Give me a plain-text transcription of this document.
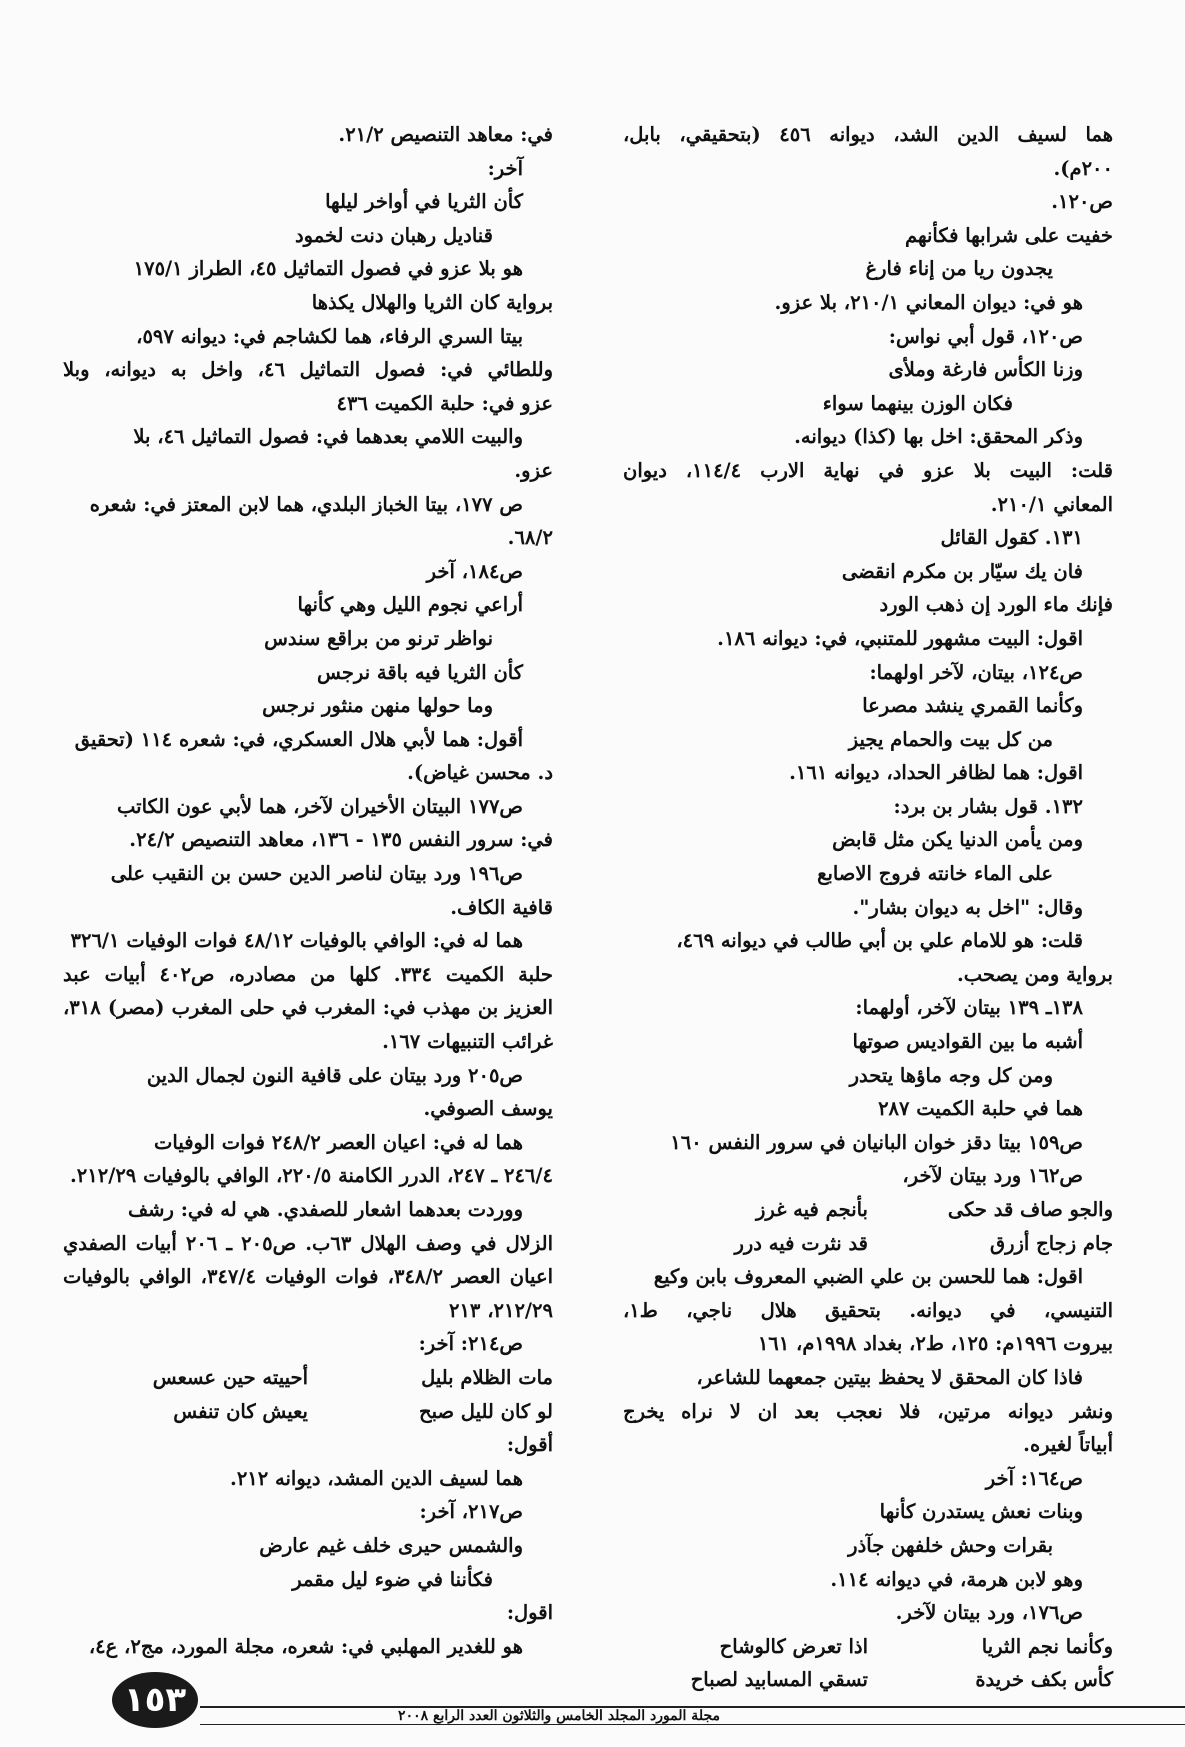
هما لسيف الدين الشد، ديوانه ٤٥٦ (بتحقيقي، بابل،
٢٠٠م).
ص١٢٠.
خفيت على شرابها فكأنهم
يجدون ريا من إناء فارغ
هو في: ديوان المعاني ٢١٠/١، بلا عزو.
ص١٢٠، قول أبي نواس:
وزنا الكأس فارغة وملأى
فكان الوزن بينهما سواء
وذكر المحقق: اخل بها (كذا) ديوانه.
قلت: البيت بلا عزو في نهاية الارب ١١٤/٤، ديوان
المعاني ٢١٠/١.
١٣١. كقول القائل
فان يك سيّار بن مكرم انقضى
فإنك ماء الورد إن ذهب الورد
اقول: البيت مشهور للمتنبي، في: ديوانه ١٨٦.
ص١٢٤، بيتان، لآخر اولهما:
وكأنما القمري ينشد مصرعا
من كل بيت والحمام يجيز
اقول: هما لظافر الحداد، ديوانه ١٦١.
١٣٢. قول بشار بن برد:
ومن يأمن الدنيا يكن مثل قابض
على الماء خانته فروج الاصابع
وقال: "اخل به ديوان بشار".
قلت: هو للامام علي بن أبي طالب في ديوانه ٤٦٩،
برواية ومن يصحب.
١٣٨ـ ١٣٩ بيتان لآخر، أولهما:
أشبه ما بين القواديس صوتها
ومن كل وجه ماؤها يتحدر
هما في حلبة الكميت ٢٨٧
ص١٥٩ بيتا دقز خوان البانيان في سرور النفس ١٦٠
ص١٦٢ ورد بيتان لآخر،
والجو صاف قد حكى
بأنجم فيه غرز
جام زجاج أزرق
قد نثرت فيه درر
اقول: هما للحسن بن علي الضبي المعروف بابن وكيع
التنيسي، في ديوانه. بتحقيق هلال ناجي، ط١،
بيروت ١٩٩٦م: ١٢٥، ط٢، بغداد ١٩٩٨م، ١٦١
فاذا كان المحقق لا يحفظ بيتين جمعهما للشاعر،
ونشر ديوانه مرتين، فلا نعجب بعد ان لا نراه يخرج
أبياتاً لغيره.
ص١٦٤: آخر
وبنات نعش يستدرن كأنها
بقرات وحش خلفهن جآذر
وهو لابن هرمة، في ديوانه ١١٤.
ص١٧٦، ورد بيتان لآخر.
وكأنما نجم الثريا
اذا تعرض كالوشاح
كأس بكف خريدة
تسقي المسابيد لصباح
في: معاهد التنصيص ٢١/٢.
آخر:
كأن الثريا في أواخر ليلها
قناديل رهبان دنت لخمود
هو بلا عزو في فصول التماثيل ٤٥، الطراز ١٧٥/١
برواية كان الثريا والهلال يكذها
بيتا السري الرفاء، هما لكشاجم في: ديوانه ٥٩٧،
وللطائي في: فصول التماثيل ٤٦، واخل به ديوانه، وبلا
عزو في: حلبة الكميت ٤٣٦
والبيت اللامي بعدهما في: فصول التماثيل ٤٦، بلا
عزو.
ص ١٧٧، بيتا الخباز البلدي، هما لابن المعتز في: شعره
٦٨/٢.
ص١٨٤، آخر
أراعي نجوم الليل وهي كأنها
نواظر ترنو من براقع سندس
كأن الثريا فيه باقة نرجس
وما حولها منهن منثور نرجس
أقول: هما لأبي هلال العسكري، في: شعره ١١٤ (تحقيق
د. محسن غياض).
ص١٧٧ البيتان الأخيران لآخر، هما لأبي عون الكاتب
في: سرور النفس ١٣٥ - ١٣٦، معاهد التنصيص ٢٤/٢.
ص١٩٦ ورد بيتان لناصر الدين حسن بن النقيب على
قافية الكاف.
هما له في: الوافي بالوفيات ٤٨/١٢ فوات الوفيات ٣٢٦/١
حلبة الكميت ٣٣٤. كلها من مصادره، ص٤٠٢ أبيات عبد
العزيز بن مهذب في: المغرب في حلى المغرب (مصر) ٣١٨،
غرائب التنبيهات ١٦٧.
ص٢٠٥ ورد بيتان على قافية النون لجمال الدين
يوسف الصوفي.
هما له في: اعيان العصر ٢٤٨/٢ فوات الوفيات
٢٤٦/٤ ـ ٢٤٧، الدرر الكامنة ٢٢٠/٥، الوافي بالوفيات ٢١٢/٢٩.
ووردت بعدهما اشعار للصفدي. هي له في: رشف
الزلال في وصف الهلال ٦٣ب. ص٢٠٥ ـ ٢٠٦ أبيات الصفدي
اعيان العصر ٣٤٨/٢، فوات الوفيات ٣٤٧/٤، الوافي بالوفيات
٢١٢/٢٩، ٢١٣
ص٢١٤: آخر:
مات الظلام بليل
أحييته حين عسعس
لو كان لليل صبح
يعيش كان تنفس
أقول:
هما لسيف الدين المشد، ديوانه ٢١٢.
ص٢١٧، آخر:
والشمس حيرى خلف غيم عارض
فكأننا في ضوء ليل مقمر
اقول:
هو للغدير المهلبي في: شعره، مجلة المورد، مج٢، ع٤،
١٥٣	مجلة المورد المجلد الخامس والثلاثون العدد الرابع ٢٠٠٨
